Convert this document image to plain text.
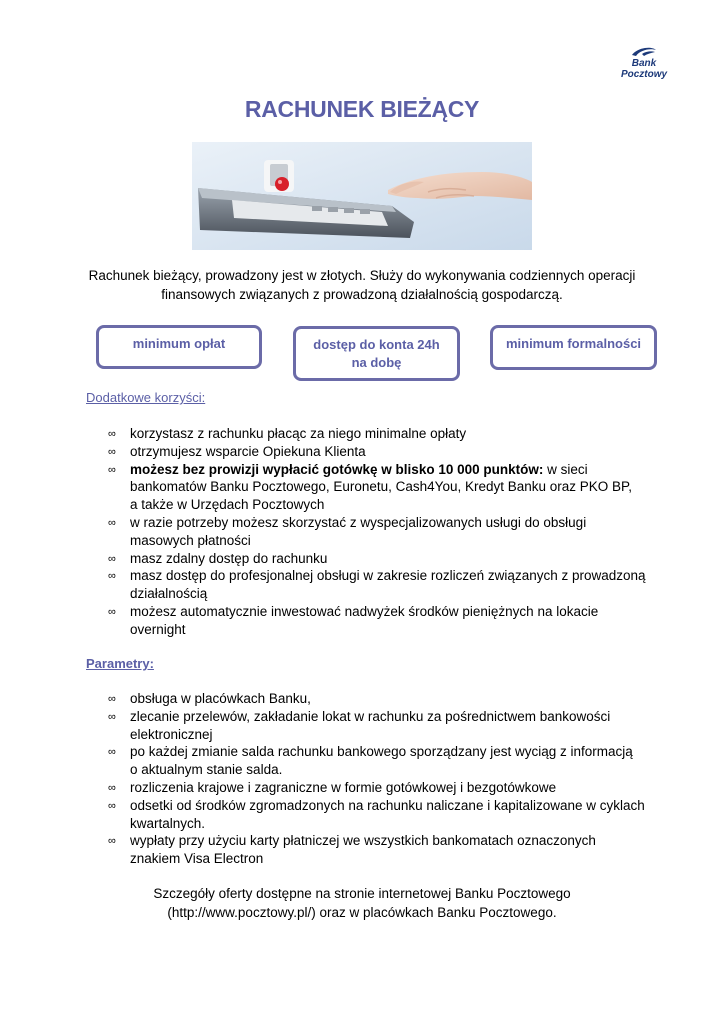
Bank
Pocztowy
RACHUNEK BIEŻĄCY
Rachunek bieżący, prowadzony jest w złotych. Służy do wykonywania codziennych operacji
finansowych związanych z prowadzoną działalnością gospodarczą.
minimum opłat	dostęp do konta 24h
na dobę
minimum formalności
Dodatkowe korzyści:
∞ korzystasz z rachunku płacąc za niego minimalne opłaty
∞ otrzymujesz wsparcie Opiekuna Klienta
∞ możesz bez prowizji wypłacić gotówkę w blisko 10 000 punktów: w sieci
bankomatów Banku Pocztowego, Euronetu, Cash4You, Kredyt Banku oraz PKO BP,
a także w Urzędach Pocztowych
∞ w razie potrzeby możesz skorzystać z wyspecjalizowanych usługi do obsługi
masowych płatności
∞ masz zdalny dostęp do rachunku
∞ masz dostęp do profesjonalnej obsługi w zakresie rozliczeń związanych z prowadzoną
działalnością
∞ możesz automatycznie inwestować nadwyżek środków pieniężnych na lokacie
overnight
Parametry:
∞ obsługa w placówkach Banku,
∞ zlecanie przelewów, zakładanie lokat w rachunku za pośrednictwem bankowości
elektronicznej
∞ po każdej zmianie salda rachunku bankowego sporządzany jest wyciąg z informacją
o aktualnym stanie salda.
∞ rozliczenia krajowe i zagraniczne w formie gotówkowej i bezgotówkowe
∞ odsetki od środków zgromadzonych na rachunku naliczane i kapitalizowane w cyklach
kwartalnych.
∞ wypłaty przy użyciu karty płatniczej we wszystkich bankomatach oznaczonych
znakiem Visa Electron
Szczegóły oferty dostępne na stronie internetowej Banku Pocztowego
(http://www.pocztowy.pl/) oraz w placówkach Banku Pocztowego.
